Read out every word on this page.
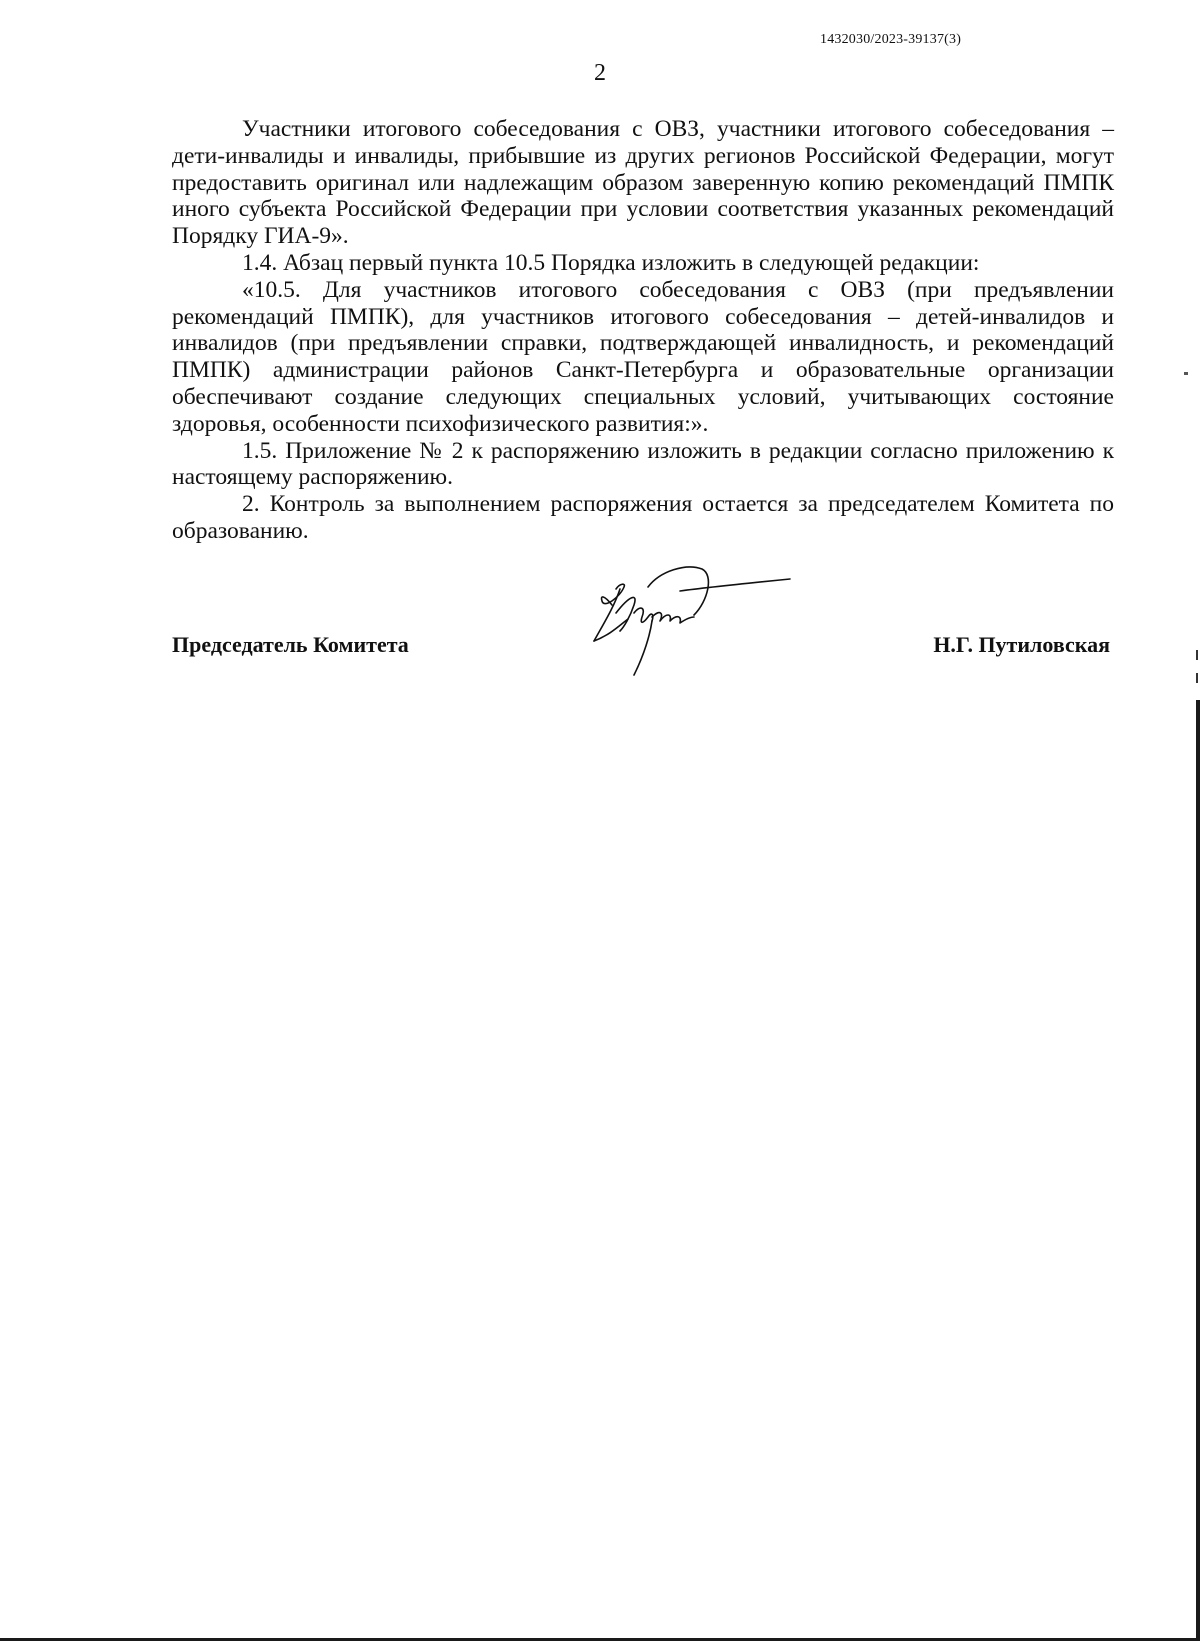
1432030/2023-39137(3)
2

Участники итогового собеседования с ОВЗ, участники итогового собеседования – дети-инвалиды и инвалиды, прибывшие из других регионов Российской Федерации, могут предоставить оригинал или надлежащим образом заверенную копию рекомендаций ПМПК иного субъекта Российской Федерации при условии соответствия указанных рекомендаций Порядку ГИА-9».

1.4. Абзац первый пункта 10.5 Порядка изложить в следующей редакции:

«10.5. Для участников итогового собеседования с ОВЗ (при предъявлении рекомендаций ПМПК), для участников итогового собеседования – детей-инвалидов и инвалидов (при предъявлении справки, подтверждающей инвалидность, и рекомендаций ПМПК) администрации районов Санкт-Петербурга и образовательные организации обеспечивают создание следующих специальных условий, учитывающих состояние здоровья, особенности психофизического развития:».

1.5. Приложение № 2 к распоряжению изложить в редакции согласно приложению к настоящему распоряжению.

2. Контроль за выполнением распоряжения остается за председателем Комитета по образованию.

Председатель Комитета	Н.Г. Путиловская
